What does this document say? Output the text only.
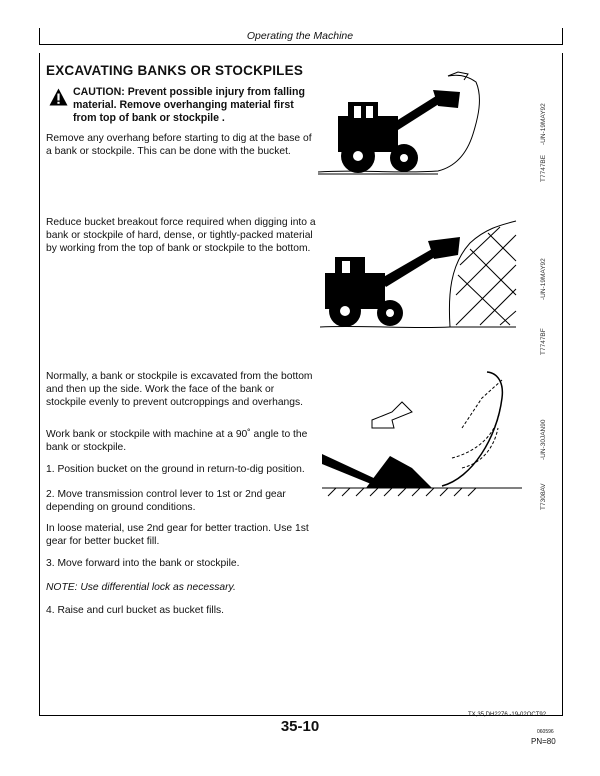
Operating the Machine
EXCAVATING BANKS OR STOCKPILES
CAUTION: Prevent possible injury from falling material. Remove overhanging material first from top of bank or stockpile .
Remove any overhang before starting to dig at the base of a bank or stockpile. This can be done with the bucket.
Reduce bucket breakout force required when digging into a bank or stockpile of hard, dense, or tightly-packed material by working from the top of bank or stockpile to the bottom.
Normally, a bank or stockpile is excavated from the bottom and then up the side. Work the face of the bank or stockpile evenly to prevent outcroppings and overhangs.
Work bank or stockpile with machine at a 90˚ angle to the bank or stockpile.
1. Position bucket on the ground in return-to-dig position.
2. Move transmission control lever to 1st or 2nd gear depending on ground conditions.
In loose material, use 2nd gear for better traction. Use 1st gear for better bucket fill.
3. Move forward into the bank or stockpile.
NOTE: Use differential lock as necessary.
4. Raise and curl bucket as bucket fills.
T7747BE
-UN-19MAY92
T7747BF
-UN-19MAY92
T7308AV
-UN-30JAN90
TX,35,DH2276 -19-02OCT92
35-10	060596
PN=80
